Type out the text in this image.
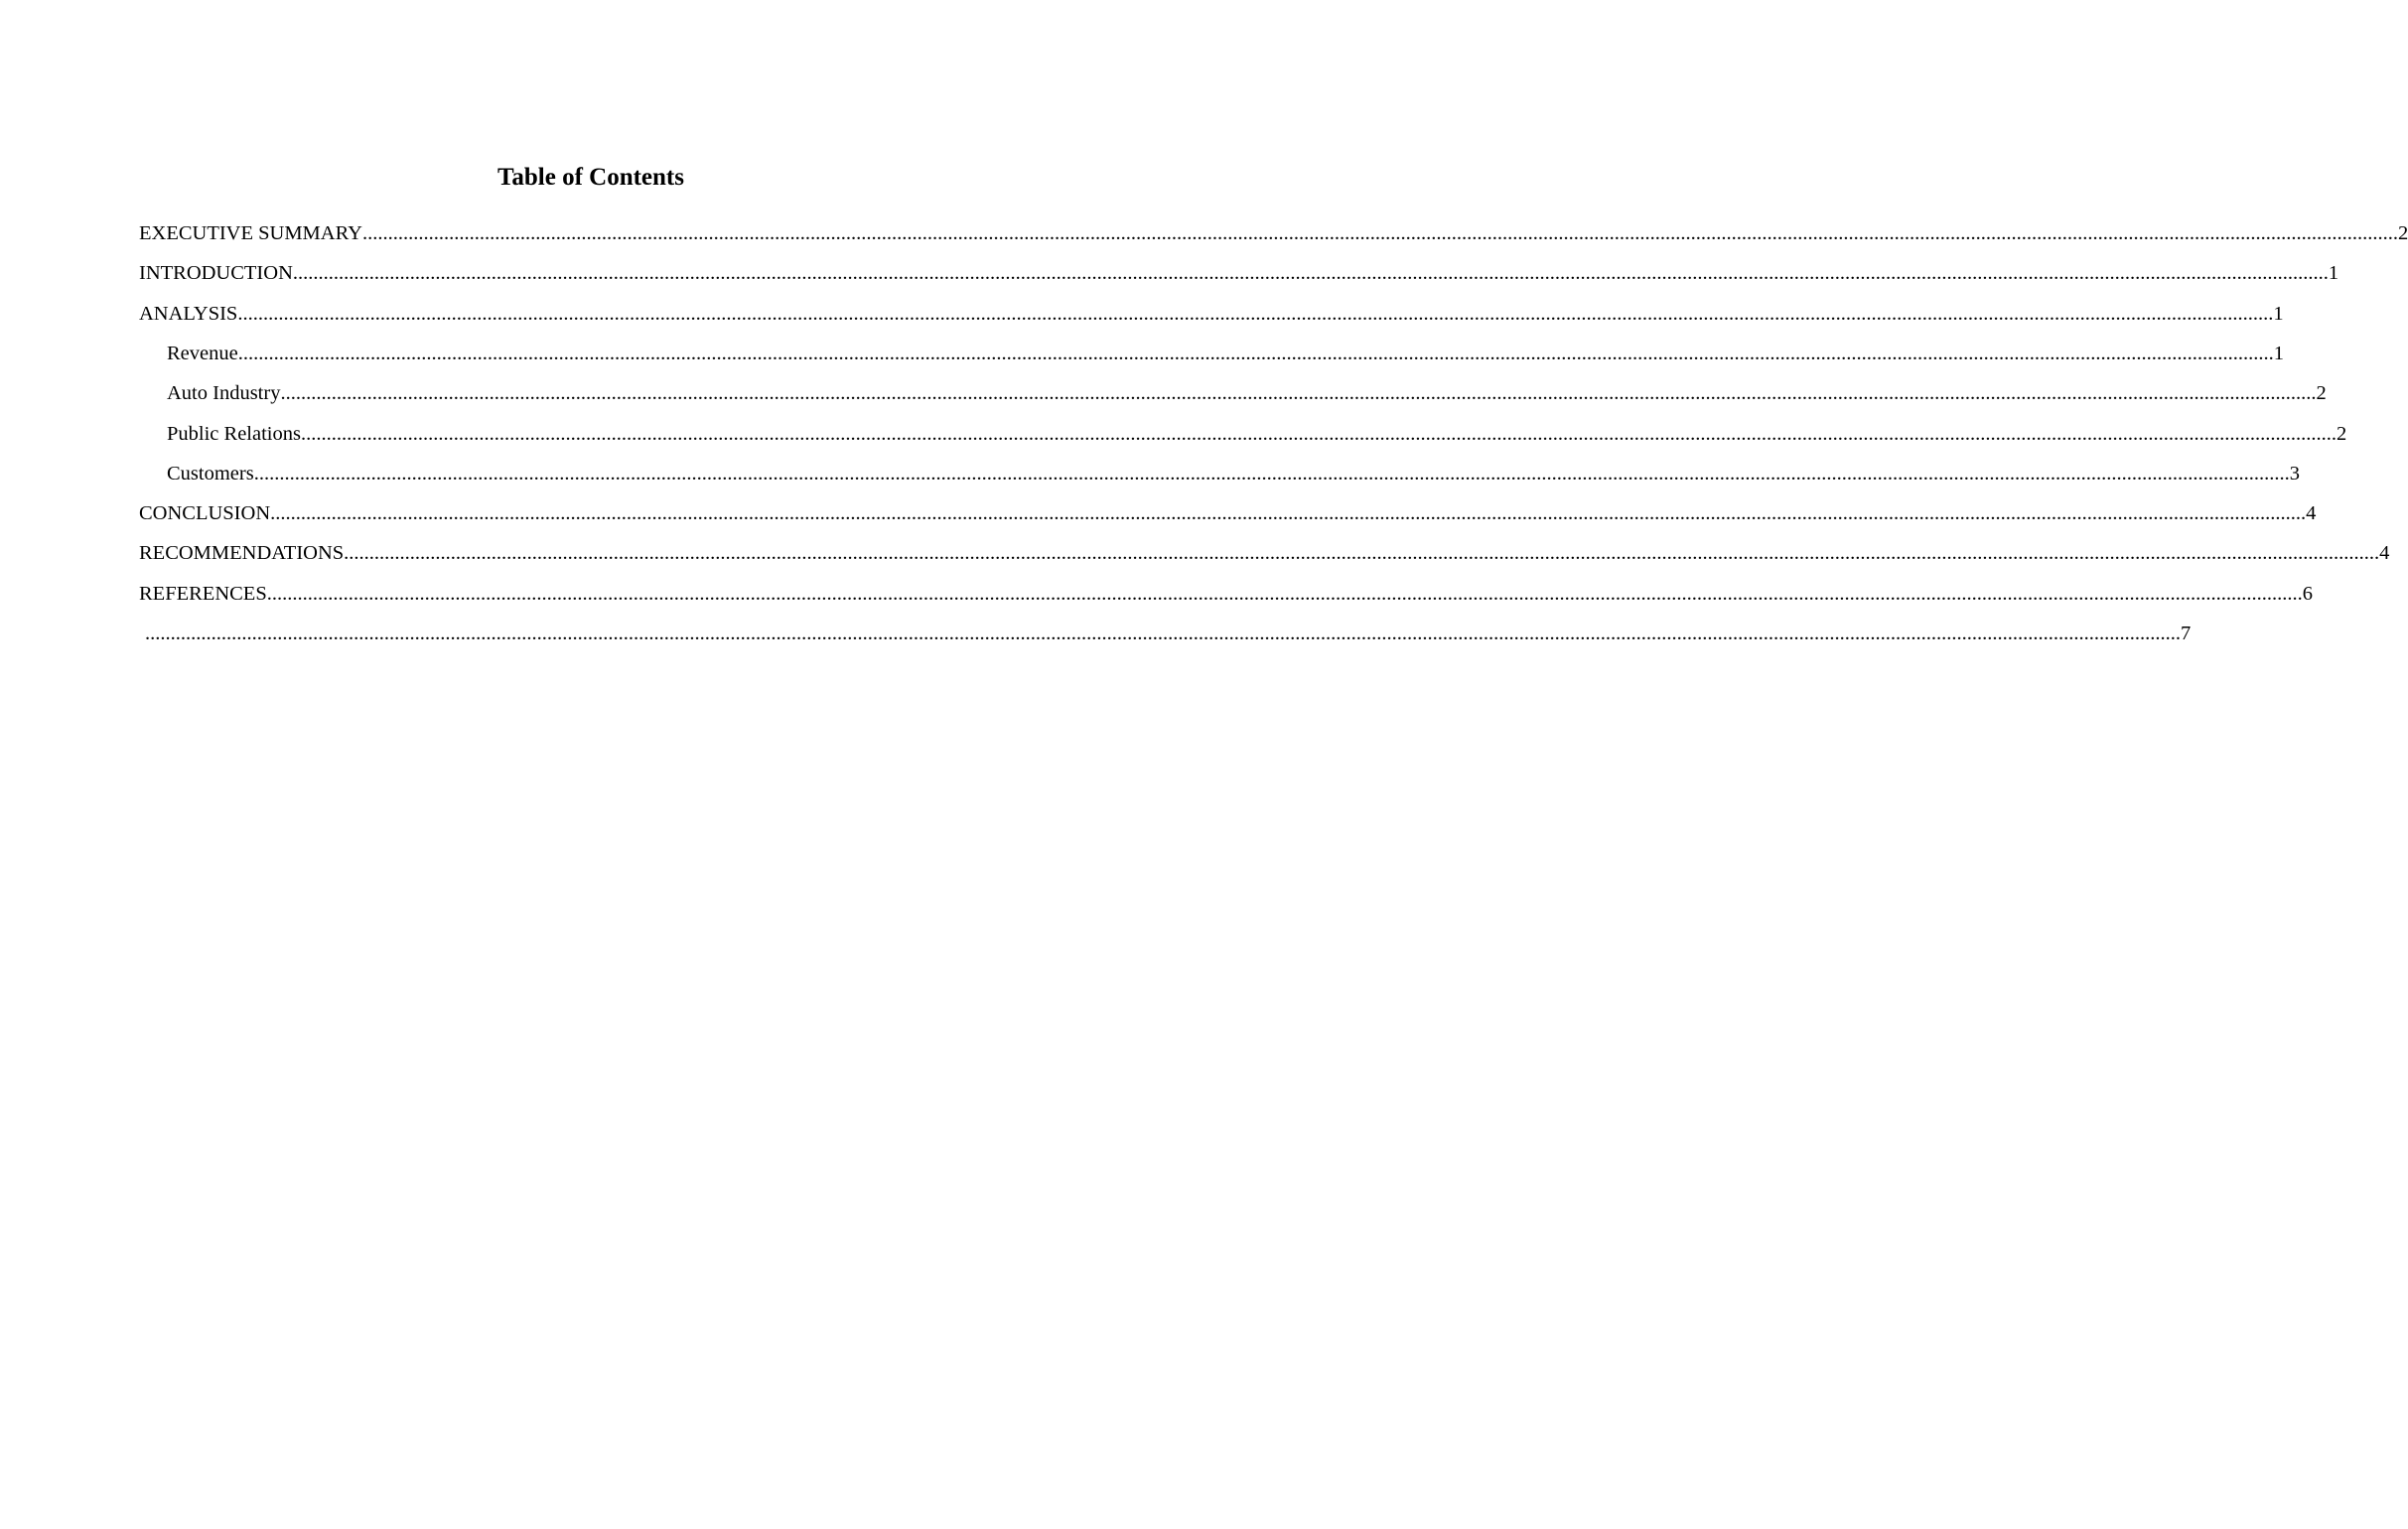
Table of Contents
EXECUTIVE SUMMARY ................................................................................................................................................................................................................................................................................................................................................................................................................ 2
INTRODUCTION ................................................................................................................................................................................................................................................................................................................................................................................................................ 1
ANALYSIS ................................................................................................................................................................................................................................................................................................................................................................................................................ 1
Revenue ................................................................................................................................................................................................................................................................................................................................................................................................................ 1
Auto Industry ................................................................................................................................................................................................................................................................................................................................................................................................................ 2
Public Relations ................................................................................................................................................................................................................................................................................................................................................................................................................ 2
Customers ................................................................................................................................................................................................................................................................................................................................................................................................................ 3
CONCLUSION ................................................................................................................................................................................................................................................................................................................................................................................................................ 4
RECOMMENDATIONS ................................................................................................................................................................................................................................................................................................................................................................................................................ 4
REFERENCES ................................................................................................................................................................................................................................................................................................................................................................................................................ 6
................................................................................................................................................................................................................................................................................................................................................................................................................ 7
